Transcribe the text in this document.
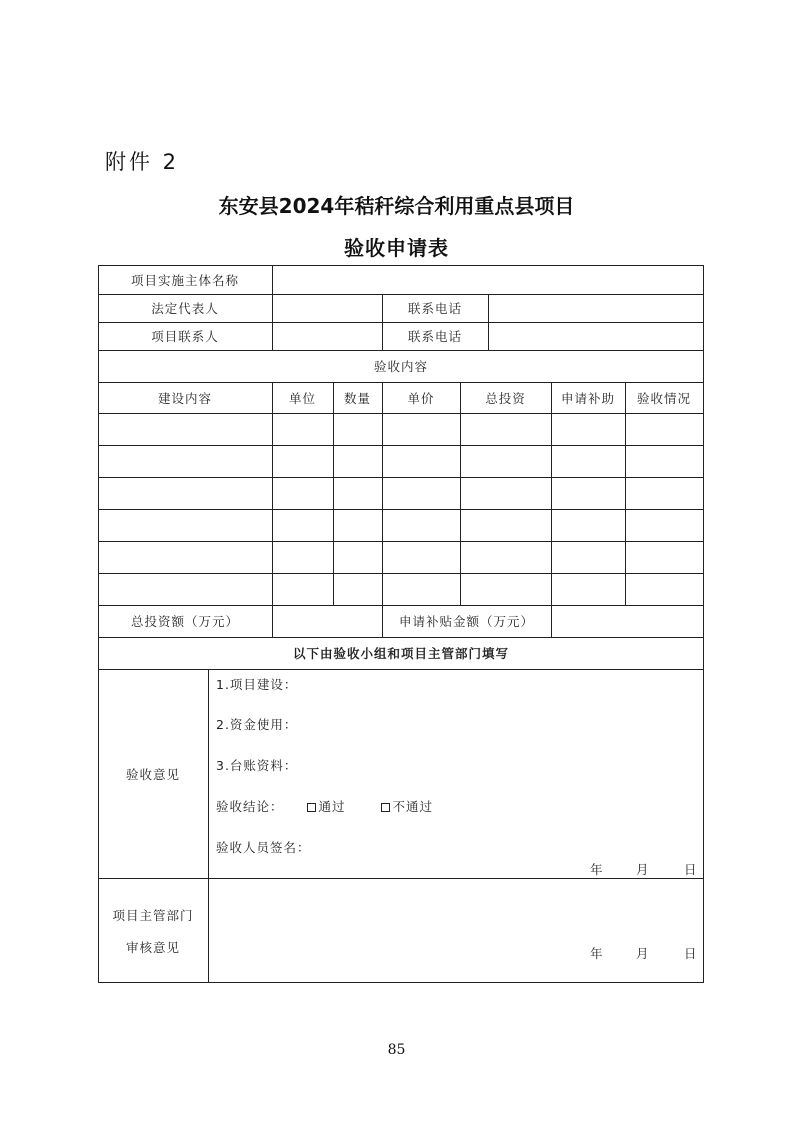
附件 2
东安县2024年秸秆综合利用重点县项目
验收申请表
项目实施主体名称
法定代表人	联系电话
项目联系人	联系电话
验收内容
建设内容	单位	数量	单价	总投资	申请补助	验收情况
总投资额（万元）	申请补贴金额（万元）
以下由验收小组和项目主管部门填写
验收意见
1.项目建设：
2.资金使用：
3.台账资料：
验收结论：	通过	不通过
验收人员签名：
年	月	日
项目主管部门
审核意见	年	月	日
85
